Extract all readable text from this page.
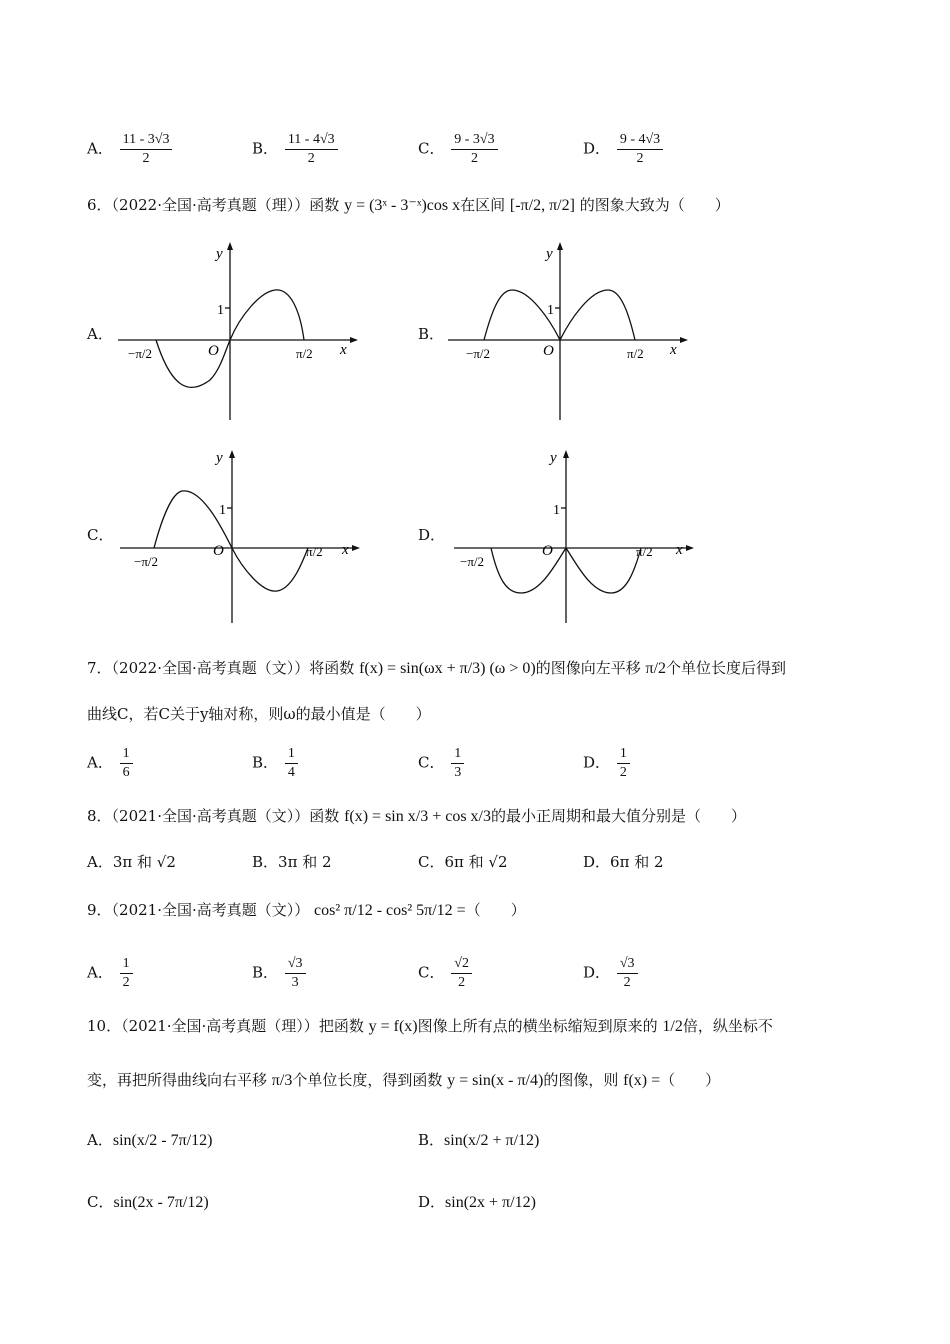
A． $\frac{11 - 3√3}{2}$	B． $\frac{11 - 4√3}{2}$	C． $\frac{9 - 3√3}{2}$	D． $\frac{9 - 4√3}{2}$
6．（2022·全国·高考真题（理））函数 y = (3ˣ - 3⁻ˣ)cos x在区间 [-π/2, π/2] 的图象大致为（　　）
A．
y
x
O
1
−π/2	π/2
B．
y
x
O
1
−π/2	π/2
C．
y
x
O
1
−π/2
π/2
D．
y
x
O
1
−π/2
π/2
7．（2022·全国·高考真题（文））将函数 f(x) = sin(ωx + π/3) (ω > 0)的图像向左平移 π/2个单位长度后得到
曲线C，若C关于y轴对称，则ω的最小值是（　　）
A． $\frac{1}{6}$	B． $\frac{1}{4}$	C． $\frac{1}{3}$	D． $\frac{1}{2}$
8．（2021·全国·高考真题（文））函数 f(x) = sin x/3 + cos x/3的最小正周期和最大值分别是（　　）
A．3π 和 √2	B．3π 和 2	C．6π 和 √2	D．6π 和 2
9．（2021·全国·高考真题（文）） cos² π/12 - cos² 5π/12 =（　　）
A． $\frac{1}{2}$	B． $\frac{√3}{3}$	C． $\frac{√2}{2}$	D． $\frac{√3}{2}$
10．（2021·全国·高考真题（理））把函数 y = f(x)图像上所有点的横坐标缩短到原来的 1/2倍，纵坐标不
变，再把所得曲线向右平移 π/3个单位长度，得到函数 y = sin(x - π/4)的图像，则 f(x) =（　　）
A．sin(x/2 - 7π/12)	B．sin(x/2 + π/12)
C．sin(2x - 7π/12)	D．sin(2x + π/12)
